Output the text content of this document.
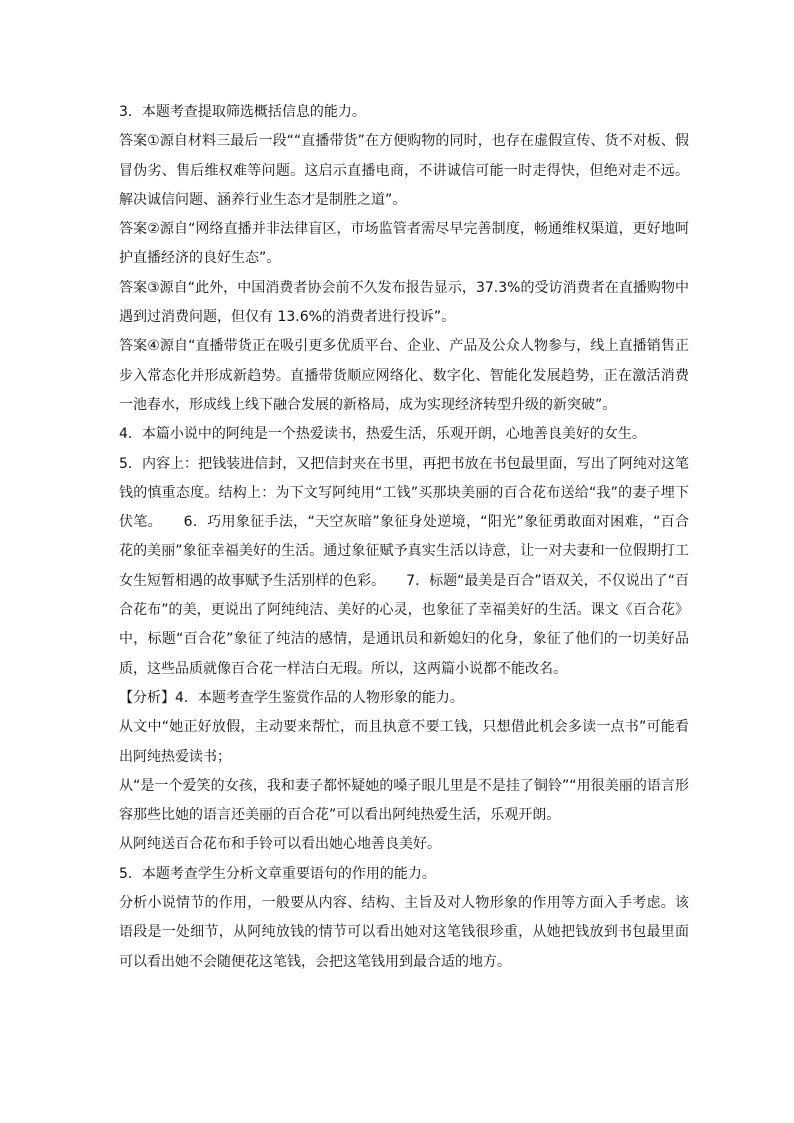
3．本题考查提取筛选概括信息的能力。

答案①源自材料三最后一段““直播带货”在方便购物的同时，也存在虚假宣传、货不对板、假冒伪劣、售后维权难等问题。这启示直播电商，不讲诚信可能一时走得快，但绝对走不远。解决诚信问题、涵养行业生态才是制胜之道”。

答案②源自“网络直播并非法律盲区，市场监管者需尽早完善制度，畅通维权渠道，更好地呵护直播经济的良好生态”。

答案③源自“此外，中国消费者协会前不久发布报告显示，37.3%的受访消费者在直播购物中遇到过消费问题，但仅有 13.6%的消费者进行投诉”。

答案④源自“直播带货正在吸引更多优质平台、企业、产品及公众人物参与，线上直播销售正步入常态化并形成新趋势。直播带货顺应网络化、数字化、智能化发展趋势，正在激活消费一池春水，形成线上线下融合发展的新格局，成为实现经济转型升级的新突破”。

4．本篇小说中的阿纯是一个热爱读书，热爱生活，乐观开朗，心地善良美好的女生。

5．内容上：把钱装进信封，又把信封夹在书里，再把书放在书包最里面，写出了阿纯对这笔钱的慎重态度。结构上：为下文写阿纯用“工钱”买那块美丽的百合花布送给“我”的妻子埋下伏笔。　　6．巧用象征手法，“天空灰暗”象征身处逆境，“阳光”象征勇敢面对困难，“百合花的美丽”象征幸福美好的生活。通过象征赋予真实生活以诗意，让一对夫妻和一位假期打工女生短暂相遇的故事赋予生活别样的色彩。　　7．标题“最美是百合”语双关，不仅说出了“百合花布”的美，更说出了阿纯纯洁、美好的心灵，也象征了幸福美好的生活。课文《百合花》中，标题“百合花”象征了纯洁的感情，是通讯员和新媳妇的化身，象征了他们的一切美好品质，这些品质就像百合花一样洁白无瑕。所以，这两篇小说都不能改名。

【分析】4．本题考查学生鉴赏作品的人物形象的能力。

从文中“她正好放假，主动要来帮忙，而且执意不要工钱，只想借此机会多读一点书”可能看出阿纯热爱读书；

从“是一个爱笑的女孩，我和妻子都怀疑她的嗓子眼儿里是不是挂了铜铃”“用很美丽的语言形容那些比她的语言还美丽的百合花”可以看出阿纯热爱生活，乐观开朗。

从阿纯送百合花布和手铃可以看出她心地善良美好。

5．本题考查学生分析文章重要语句的作用的能力。

分析小说情节的作用，一般要从内容、结构、主旨及对人物形象的作用等方面入手考虑。该语段是一处细节，从阿纯放钱的情节可以看出她对这笔钱很珍重，从她把钱放到书包最里面可以看出她不会随便花这笔钱，会把这笔钱用到最合适的地方。
